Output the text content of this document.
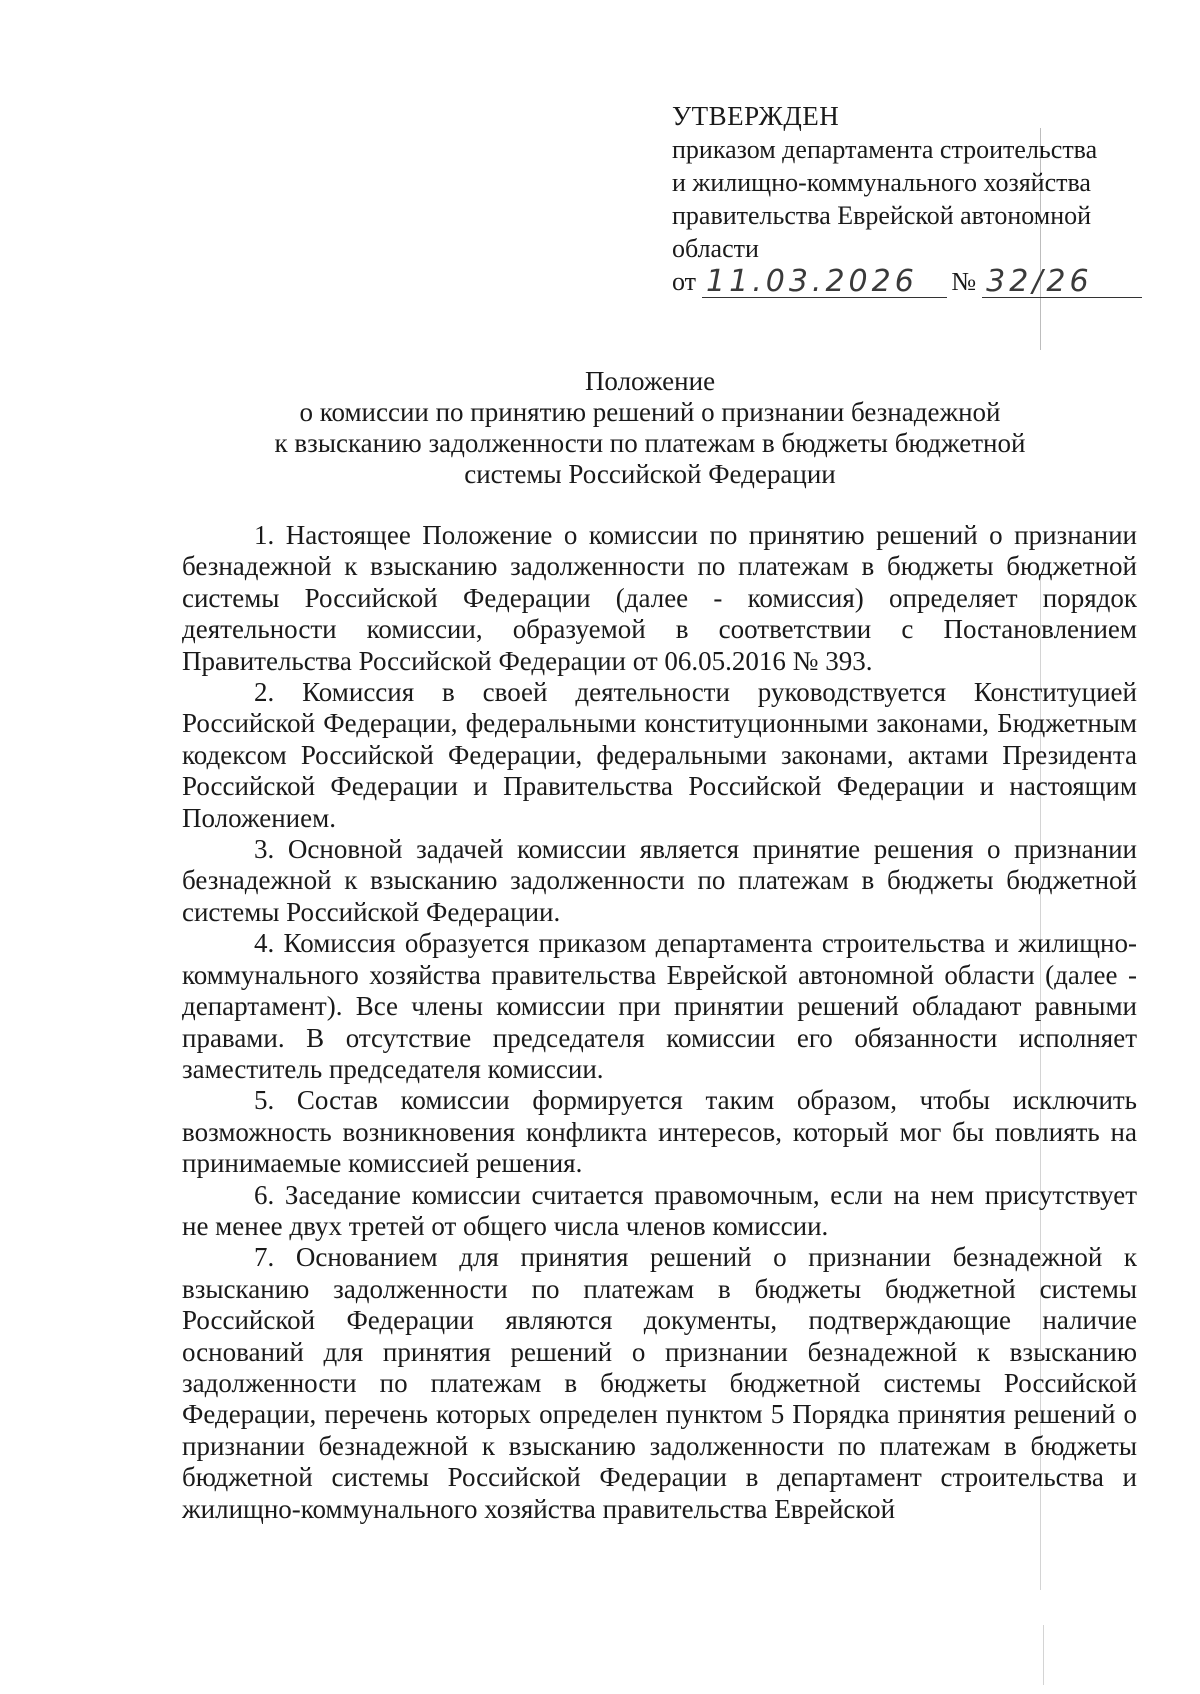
УТВЕРЖДЕН
приказом департамента строительства
и жилищно-коммунального хозяйства
правительства Еврейской автономной
области
от 11.03.2026	№ 32/26
Положение
о комиссии по принятию решений о признании безнадежной
к взысканию задолженности по платежам в бюджеты бюджетной
системы Российской Федерации

1. Настоящее Положение о комиссии по принятию решений о признании безнадежной к взысканию задолженности по платежам в бюджеты бюджетной системы Российской Федерации (далее - комиссия) определяет порядок деятельности комиссии, образуемой в соответствии с Постановлением Правительства Российской Федерации от 06.05.2016 № 393.

2. Комиссия в своей деятельности руководствуется Конституцией Российской Федерации, федеральными конституционными законами, Бюджетным кодексом Российской Федерации, федеральными законами, актами Президента Российской Федерации и Правительства Российской Федерации и настоящим Положением.

3. Основной задачей комиссии является принятие решения о признании безнадежной к взысканию задолженности по платежам в бюджеты бюджетной системы Российской Федерации.

4. Комиссия образуется приказом департамента строительства и жилищно-коммунального хозяйства правительства Еврейской автономной области (далее - департамент). Все члены комиссии при принятии решений обладают равными правами. В отсутствие председателя комиссии его обязанности исполняет заместитель председателя комиссии.

5. Состав комиссии формируется таким образом, чтобы исключить возможность возникновения конфликта интересов, который мог бы повлиять на принимаемые комиссией решения.

6. Заседание комиссии считается правомочным, если на нем присутствует не менее двух третей от общего числа членов комиссии.

7. Основанием для принятия решений о признании безнадежной к взысканию задолженности по платежам в бюджеты бюджетной системы Российской Федерации являются документы, подтверждающие наличие оснований для принятия решений о признании безнадежной к взысканию задолженности по платежам в бюджеты бюджетной системы Российской Федерации, перечень которых определен пунктом 5 Порядка принятия решений о признании безнадежной к взысканию задолженности по платежам в бюджеты бюджетной системы Российской Федерации в департамент строительства и жилищно-коммунального хозяйства правительства Еврейской
